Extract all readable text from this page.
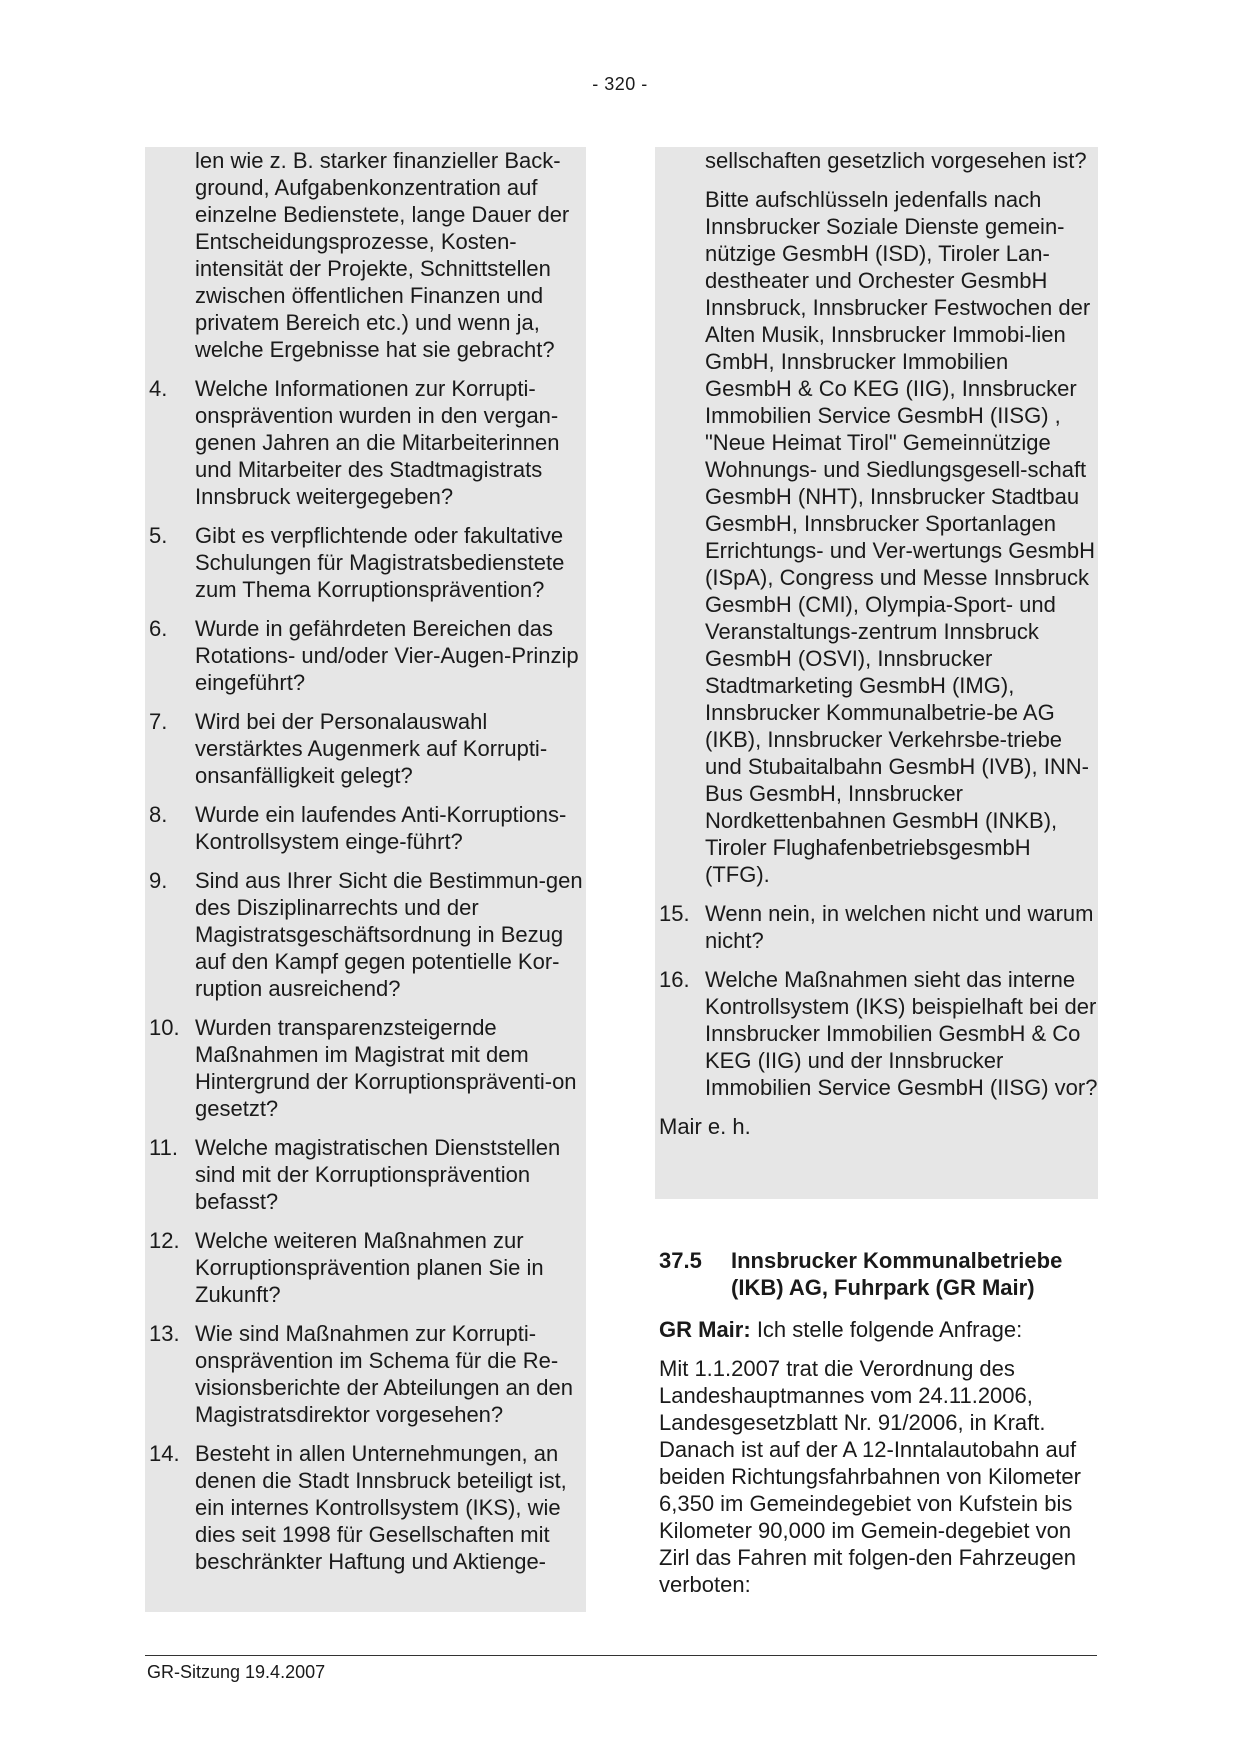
- 320 -
len wie z. B. starker finanzieller Back-ground, Aufgabenkonzentration auf einzelne Bedienstete, lange Dauer der Entscheidungsprozesse, Kosten-intensität der Projekte, Schnittstellen zwischen öffentlichen Finanzen und privatem Bereich etc.) und wenn ja, welche Ergebnisse hat sie gebracht?
4. Welche Informationen zur Korrupti-onsprävention wurden in den vergan-genen Jahren an die Mitarbeiterinnen und Mitarbeiter des Stadtmagistrats Innsbruck weitergegeben?
5. Gibt es verpflichtende oder fakultative Schulungen für Magistratsbedienstete zum Thema Korruptionsprävention?
6. Wurde in gefährdeten Bereichen das Rotations- und/oder Vier-Augen-Prinzip eingeführt?
7. Wird bei der Personalauswahl verstärktes Augenmerk auf Korrupti-onsanfälligkeit gelegt?
8. Wurde ein laufendes Anti-Korruptions-Kontrollsystem einge-führt?
9. Sind aus Ihrer Sicht die Bestimmun-gen des Disziplinarrechts und der Magistratsgeschäftsordnung in Bezug auf den Kampf gegen potentielle Kor-ruption ausreichend?
10. Wurden transparenzsteigernde Maßnahmen im Magistrat mit dem Hintergrund der Korruptionspräventi-on gesetzt?
11. Welche magistratischen Dienststellen sind mit der Korruptionsprävention befasst?
12. Welche weiteren Maßnahmen zur Korruptionsprävention planen Sie in Zukunft?
13. Wie sind Maßnahmen zur Korrupti-onsprävention im Schema für die Re-visionsberichte der Abteilungen an den Magistratsdirektor vorgesehen?
14. Besteht in allen Unternehmungen, an denen die Stadt Innsbruck beteiligt ist, ein internes Kontrollsystem (IKS), wie dies seit 1998 für Gesellschaften mit beschränkter Haftung und Aktienge-
sellschaften gesetzlich vorgesehen ist?
Bitte aufschlüsseln jedenfalls nach Innsbrucker Soziale Dienste gemein-nützige GesmbH (ISD), Tiroler Lan-destheater und Orchester GesmbH Innsbruck, Innsbrucker Festwochen der Alten Musik, Innsbrucker Immobi-lien GmbH, Innsbrucker Immobilien GesmbH & Co KEG (IIG), Innsbrucker Immobilien Service GesmbH (IISG) , "Neue Heimat Tirol" Gemeinnützige Wohnungs- und Siedlungsgesell-schaft GesmbH (NHT), Innsbrucker Stadtbau GesmbH, Innsbrucker Sportanlagen Errichtungs- und Ver-wertungs GesmbH (ISpA), Congress und Messe Innsbruck GesmbH (CMI), Olympia-Sport- und Veranstaltungs-zentrum Innsbruck GesmbH (OSVI), Innsbrucker Stadtmarketing GesmbH (IMG), Innsbrucker Kommunalbetrie-be AG (IKB), Innsbrucker Verkehrsbe-triebe und Stubaitalbahn GesmbH (IVB), INN-Bus GesmbH, Innsbrucker Nordkettenbahnen GesmbH (INKB), Tiroler FlughafenbetriebsgesmbH (TFG).
15. Wenn nein, in welchen nicht und warum nicht?
16. Welche Maßnahmen sieht das interne Kontrollsystem (IKS) beispielhaft bei der Innsbrucker Immobilien GesmbH & Co KEG (IIG) und der Innsbrucker Immobilien Service GesmbH (IISG) vor?
Mair e. h.
37.5	Innsbrucker Kommunalbetriebe (IKB) AG, Fuhrpark (GR Mair)
GR Mair: Ich stelle folgende Anfrage:
Mit 1.1.2007 trat die Verordnung des Landeshauptmannes vom 24.11.2006, Landesgesetzblatt Nr. 91/2006, in Kraft. Danach ist auf der A 12-Inntalautobahn auf beiden Richtungsfahrbahnen von Kilometer 6,350 im Gemeindegebiet von Kufstein bis Kilometer 90,000 im Gemein-degebiet von Zirl das Fahren mit folgen-den Fahrzeugen verboten:
GR-Sitzung 19.4.2007
